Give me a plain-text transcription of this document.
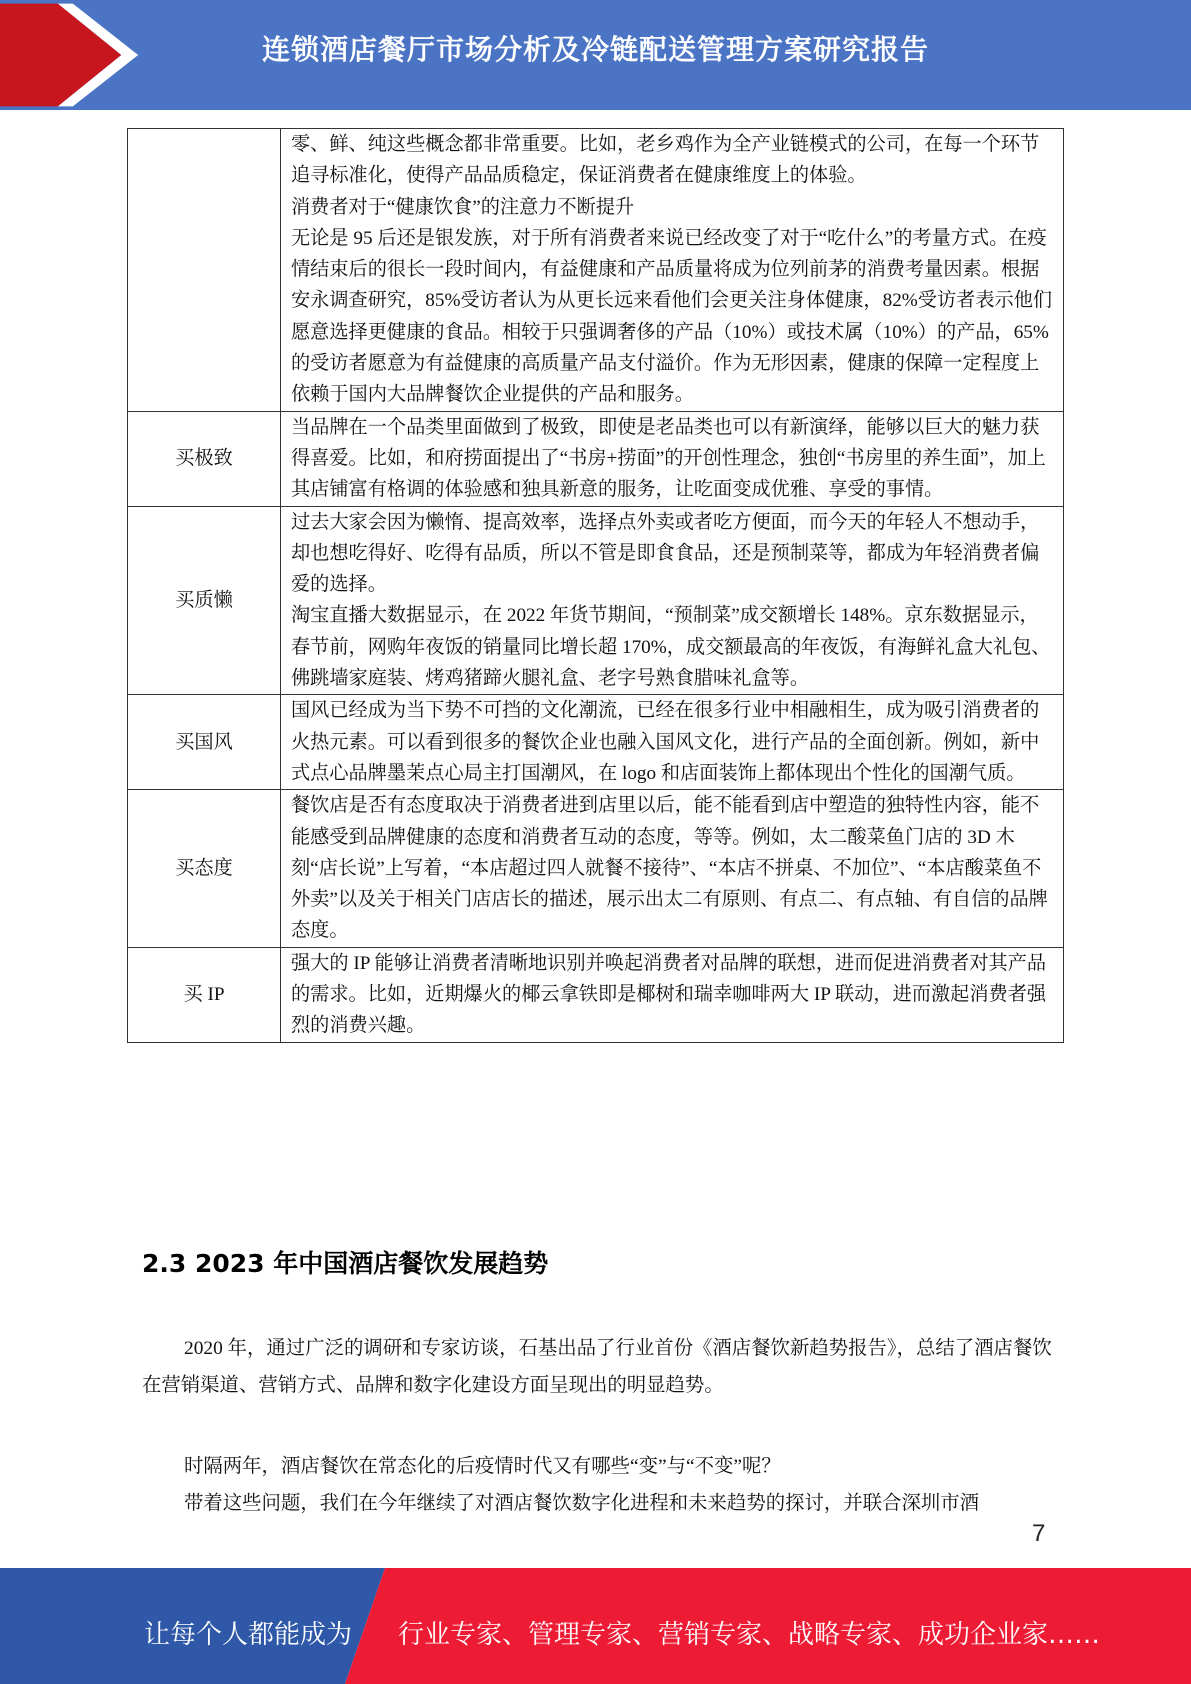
连锁酒店餐厅市场分析及冷链配送管理方案研究报告

	零、鲜、纯这些概念都非常重要。比如，老乡鸡作为全产业链模式的公司，在每一个环节追寻标准化，使得产品品质稳定，保证消费者在健康维度上的体验。

消费者对于“健康饮食”的注意力不断提升

无论是 95 后还是银发族，对于所有消费者来说已经改变了对于“吃什么”的考量方式。在疫情结束后的很长一段时间内，有益健康和产品质量将成为位列前茅的消费考量因素。根据安永调查研究，85%受访者认为从更长远来看他们会更关注身体健康，82%受访者表示他们愿意选择更健康的食品。相较于只强调奢侈的产品（10%）或技术属（10%）的产品，65%的受访者愿意为有益健康的高质量产品支付溢价。作为无形因素，健康的保障一定程度上依赖于国内大品牌餐饮企业提供的产品和服务。

买极致	当品牌在一个品类里面做到了极致，即使是老品类也可以有新演绎，能够以巨大的魅力获得喜爱。比如，和府捞面提出了“书房+捞面”的开创性理念，独创“书房里的养生面”，加上其店铺富有格调的体验感和独具新意的服务，让吃面变成优雅、享受的事情。

买质懒	过去大家会因为懒惰、提高效率，选择点外卖或者吃方便面，而今天的年轻人不想动手，却也想吃得好、吃得有品质，所以不管是即食食品，还是预制菜等，都成为年轻消费者偏爱的选择。

淘宝直播大数据显示，在 2022 年货节期间，“预制菜”成交额增长 148%。京东数据显示，春节前，网购年夜饭的销量同比增长超 170%，成交额最高的年夜饭，有海鲜礼盒大礼包、佛跳墙家庭装、烤鸡猪蹄火腿礼盒、老字号熟食腊味礼盒等。

买国风	国风已经成为当下势不可挡的文化潮流，已经在很多行业中相融相生，成为吸引消费者的火热元素。可以看到很多的餐饮企业也融入国风文化，进行产品的全面创新。例如，新中式点心品牌墨茉点心局主打国潮风，在 logo 和店面装饰上都体现出个性化的国潮气质。

买态度	餐饮店是否有态度取决于消费者进到店里以后，能不能看到店中塑造的独特性内容，能不能感受到品牌健康的态度和消费者互动的态度，等等。例如，太二酸菜鱼门店的 3D 木刻“店长说”上写着，“本店超过四人就餐不接待”、“本店不拼桌、不加位”、“本店酸菜鱼不外卖”以及关于相关门店店长的描述，展示出太二有原则、有点二、有点轴、有自信的品牌态度。

买 IP	强大的 IP 能够让消费者清晰地识别并唤起消费者对品牌的联想，进而促进消费者对其产品的需求。比如，近期爆火的椰云拿铁即是椰树和瑞幸咖啡两大 IP 联动，进而激起消费者强烈的消费兴趣。

2.3 2023 年中国酒店餐饮发展趋势

2020 年，通过广泛的调研和专家访谈，石基出品了行业首份《酒店餐饮新趋势报告》，总结了酒店餐饮在营销渠道、营销方式、品牌和数字化建设方面呈现出的明显趋势。

时隔两年，酒店餐饮在常态化的后疫情时代又有哪些“变”与“不变”呢？

带着这些问题，我们在今年继续了对酒店餐饮数字化进程和未来趋势的探讨，并联合深圳市酒

7
让每个人都能成为 行业专家、管理专家、营销专家、战略专家、成功企业家……
